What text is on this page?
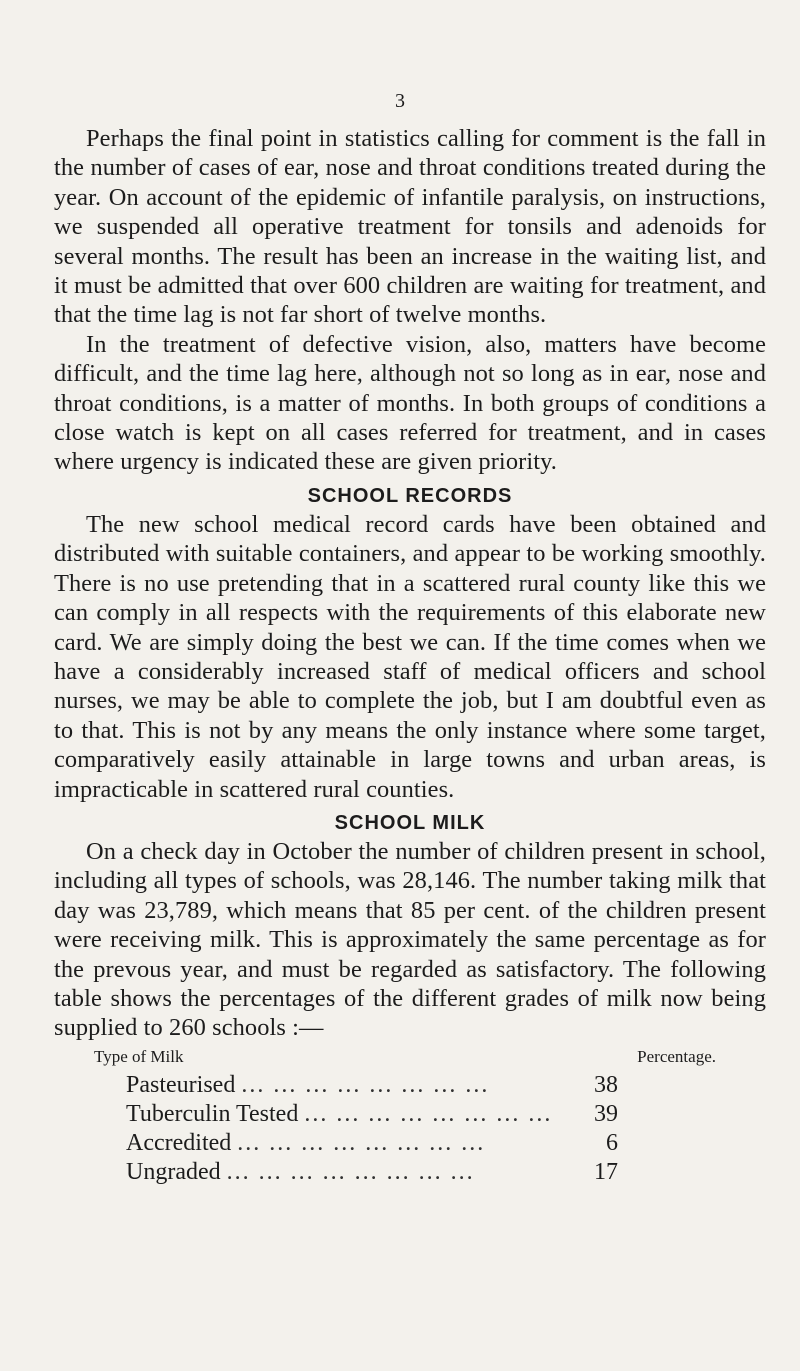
3

Perhaps the final point in statistics calling for comment is the fall in the number of cases of ear, nose and throat conditions treated during the year. On account of the epidemic of infantile paralysis, on instructions, we suspended all operative treatment for tonsils and adenoids for several months. The result has been an increase in the waiting list, and it must be admitted that over 600 children are waiting for treatment, and that the time lag is not far short of twelve months.

In the treatment of defective vision, also, matters have become difficult, and the time lag here, although not so long as in ear, nose and throat conditions, is a matter of months. In both groups of conditions a close watch is kept on all cases referred for treatment, and in cases where urgency is indicated these are given priority.

SCHOOL RECORDS

The new school medical record cards have been obtained and distributed with suitable containers, and appear to be working smoothly. There is no use pretending that in a scattered rural county like this we can comply in all respects with the requirements of this elaborate new card. We are simply doing the best we can. If the time comes when we have a considerably increased staff of medical officers and school nurses, we may be able to complete the job, but I am doubtful even as to that. This is not by any means the only instance where some target, comparatively easily attainable in large towns and urban areas, is impracticable in scattered rural counties.

SCHOOL MILK

On a check day in October the number of children present in school, including all types of schools, was 28,146. The number taking milk that day was 23,789, which means that 85 per cent. of the children present were receiving milk. This is approximately the same percentage as for the prevous year, and must be regarded as satisfactory. The following table shows the percentages of the different grades of milk now being supplied to 260 schools :—

Type of Milk	Percentage.
Pasteurised ... ... ... ... ... ... ... ...	38
Tuberculin Tested ... ... ... ... ... ... ... ...	39
Accredited ... ... ... ... ... ... ... ...	6
Ungraded ... ... ... ... ... ... ... ...	17
